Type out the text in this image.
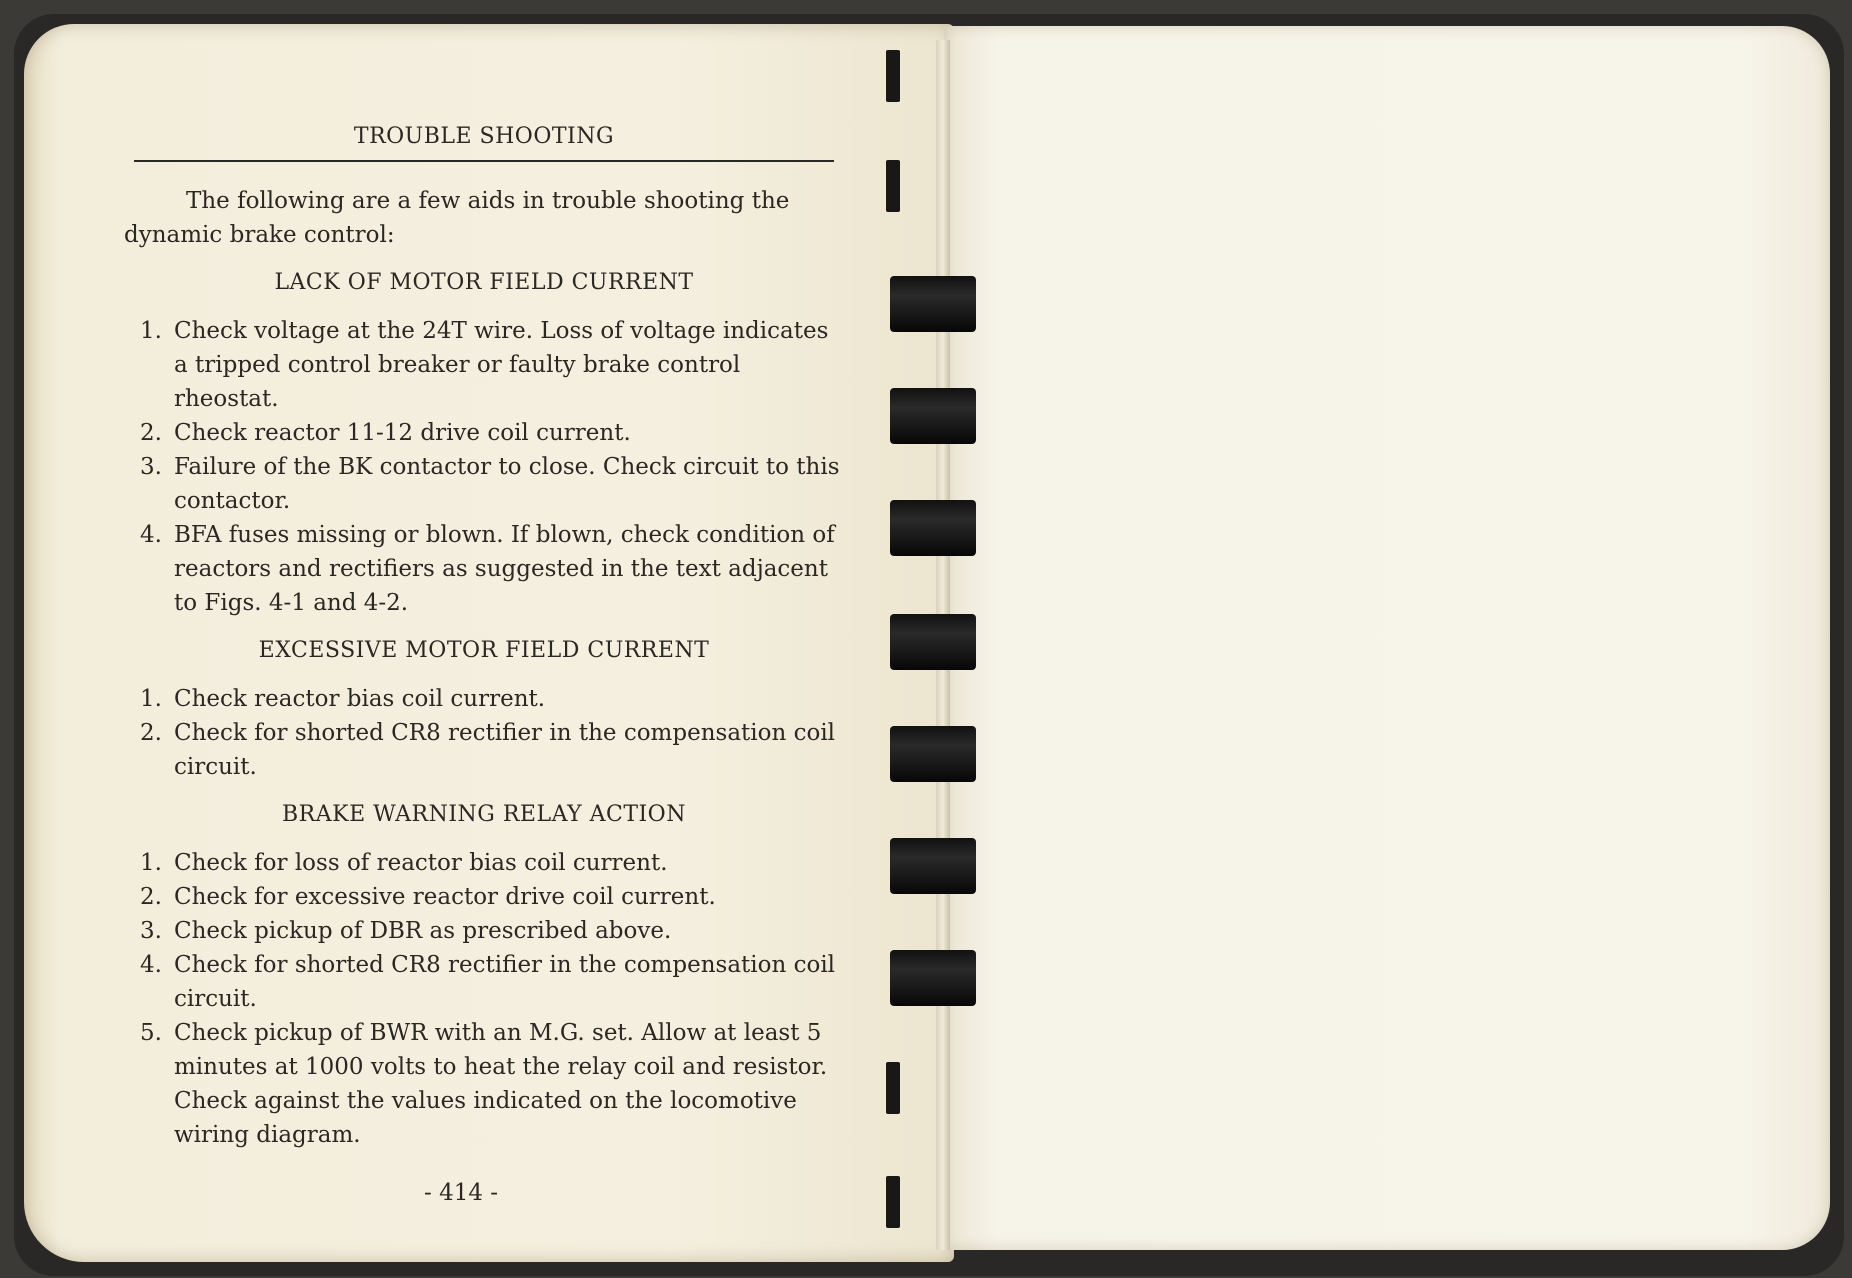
TROUBLE SHOOTING

The following are a few aids in trouble shooting the dynamic brake control:

LACK OF MOTOR FIELD CURRENT
1. Check voltage at the 24T wire. Loss of voltage indicates a tripped control breaker or faulty brake control rheostat.
2. Check reactor 11-12 drive coil current.
3. Failure of the BK contactor to close. Check circuit to this contactor.
4. BFA fuses missing or blown. If blown, check condition of reactors and rectifiers as suggested in the text adjacent to Figs. 4-1 and 4-2.
EXCESSIVE MOTOR FIELD CURRENT
1. Check reactor bias coil current.
2. Check for shorted CR8 rectifier in the compensation coil circuit.
BRAKE WARNING RELAY ACTION
1. Check for loss of reactor bias coil current.
2. Check for excessive reactor drive coil current.
3. Check pickup of DBR as prescribed above.
4. Check for shorted CR8 rectifier in the compensation coil circuit.
5. Check pickup of BWR with an M.G. set. Allow at least 5 minutes at 1000 volts to heat the relay coil and resistor. Check against the values indicated on the locomotive wiring diagram.
- 414 -
